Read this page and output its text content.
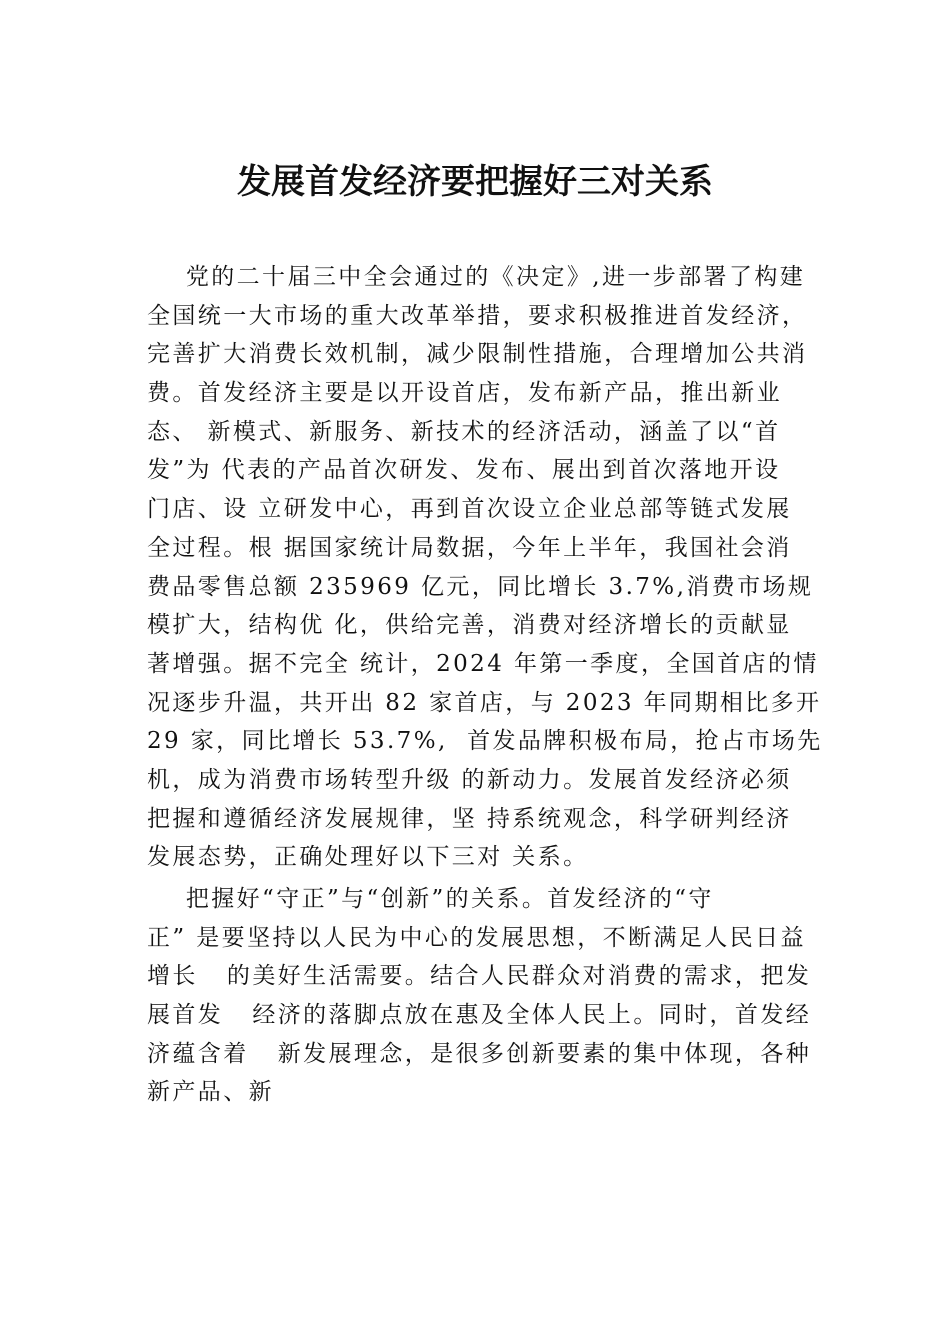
发展首发经济要把握好三对关系
党的二十届三中全会通过的《决定》,进一步部署了构建
全国统一大市场的重大改革举措，要求积极推进首发经济，
完善扩大消费长效机制，减少限制性措施，合理增加公共消
费。首发经济主要是以开设首店，发布新产品，推出新业
态、 新模式、新服务、新技术的经济活动，涵盖了以“首
发”为 代表的产品首次研发、发布、展出到首次落地开设
门店、设 立研发中心，再到首次设立企业总部等链式发展
全过程。根 据国家统计局数据，今年上半年，我国社会消
费品零售总额 235969 亿元，同比增长 3.7%,消费市场规
模扩大，结构优 化，供给完善，消费对经济增长的贡献显
著增强。据不完全 统计，2024 年第一季度，全国首店的情
况逐步升温，共开出 82 家首店，与 2023 年同期相比多开
29 家，同比增长 53.7%,  首发品牌积极布局，抢占市场先
机，成为消费市场转型升级 的新动力。发展首发经济必须
把握和遵循经济发展规律，坚 持系统观念，科学研判经济
发展态势，正确处理好以下三对 关系。
把握好“守正”与“创新”的关系。首发经济的“守
正” 是要坚持以人民为中心的发展思想，不断满足人民日益
增长   的美好生活需要。结合人民群众对消费的需求，把发
展首发   经济的落脚点放在惠及全体人民上。同时，首发经
济蕴含着   新发展理念，是很多创新要素的集中体现，各种
新产品、新
